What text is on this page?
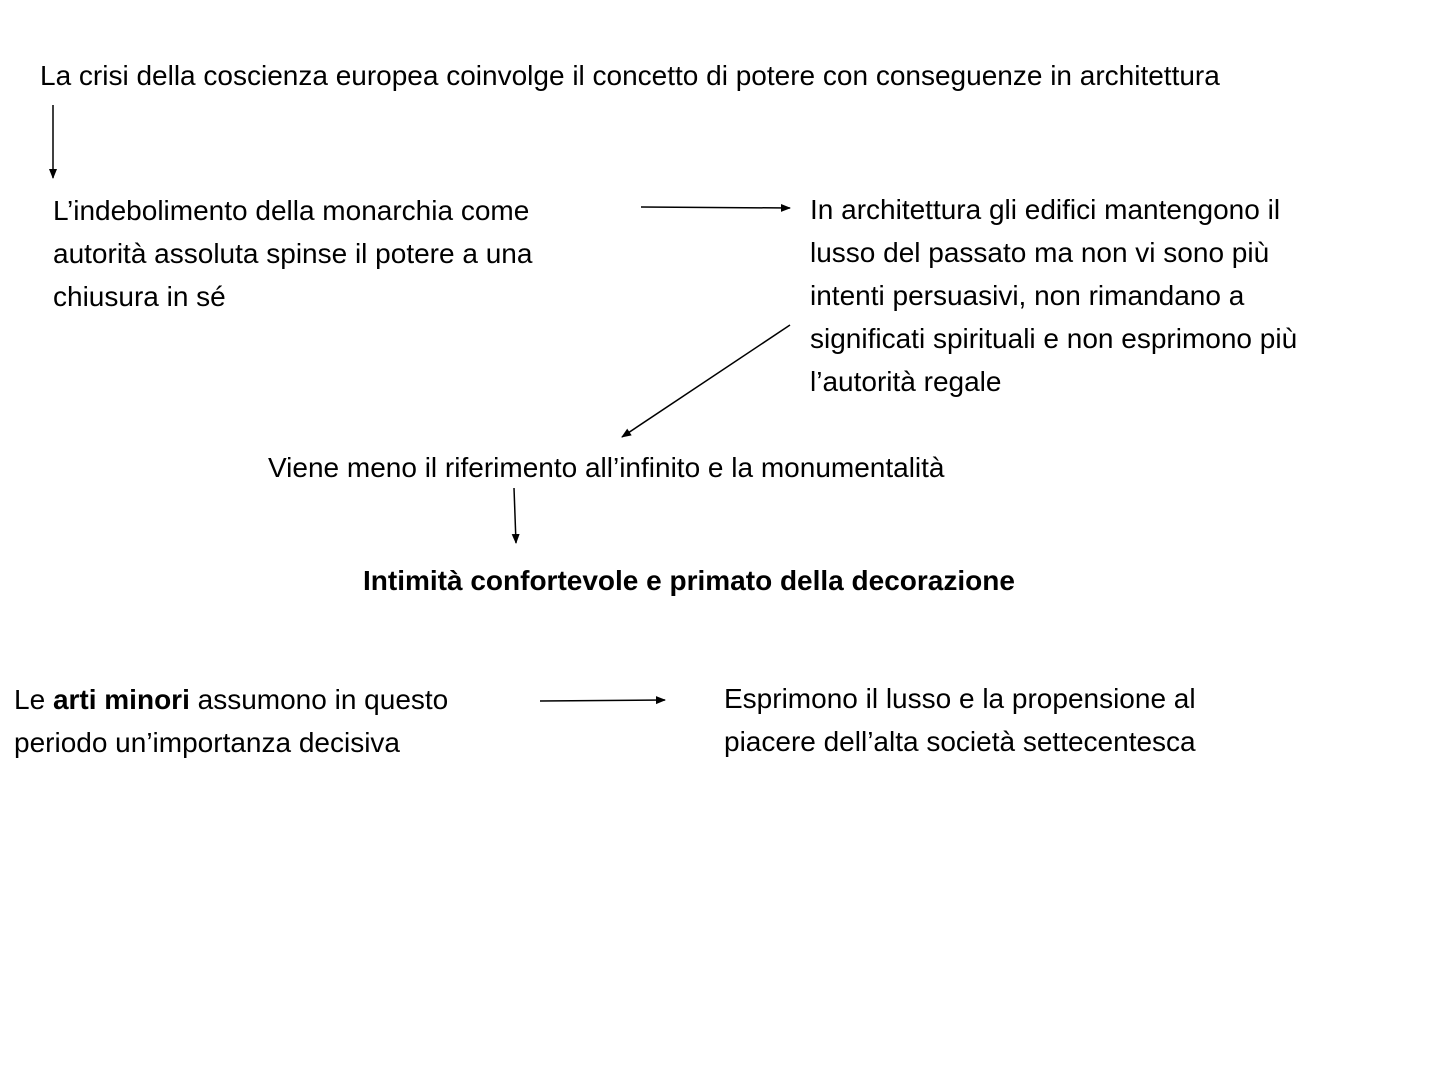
La crisi della coscienza europea coinvolge il concetto di potere con conseguenze in architettura
L’indebolimento della monarchia come
autorità assoluta spinse il potere a una
chiusura in sé
In architettura gli edifici mantengono il
lusso del passato ma non vi sono più
intenti persuasivi, non rimandano a
significati spirituali e non esprimono più
l’autorità regale
Viene meno il riferimento all’infinito e la monumentalità
Intimità confortevole e primato della decorazione
Le arti minori assumono in questo
periodo un’importanza decisiva
Esprimono il lusso e la propensione al
piacere dell’alta società settecentesca
